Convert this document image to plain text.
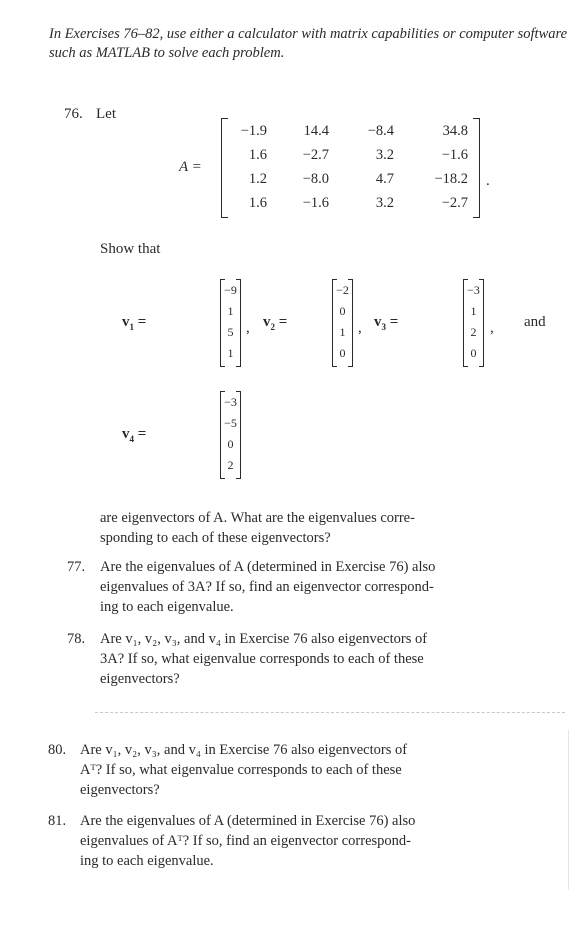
In Exercises 76–82, use either a calculator with matrix capabilities or computer software such as MATLAB to solve each problem.
76. Let
A =
−1.9	14.4	−8.4	34.8
1.6	−2.7	3.2	−1.6
1.2	−8.0	4.7	−18.2
1.6	−1.6	3.2	−2.7
.
Show that
$v_1$ =
−9
1
5
1
, $v_2$ =
−2
0
1
0
, $v_3$ =
−3
1
2
0
, and
$v_4$ =
−3
−5
0
2
are eigenvectors of A. What are the eigenvalues corre-
sponding to each of these eigenvectors?
77. Are the eigenvalues of A (determined in Exercise 76) also
eigenvalues of 3A? If so, find an eigenvector correspond-
ing to each eigenvalue.
78. Are v₁, v₂, v₃, and v₄ in Exercise 76 also eigenvectors of
3A? If so, what eigenvalue corresponds to each of these
eigenvectors?
80. Are v₁, v₂, v₃, and v₄ in Exercise 76 also eigenvectors of
Aᵀ? If so, what eigenvalue corresponds to each of these
eigenvectors?
81. Are the eigenvalues of A (determined in Exercise 76) also
eigenvalues of Aᵀ? If so, find an eigenvector correspond-
ing to each eigenvalue.
